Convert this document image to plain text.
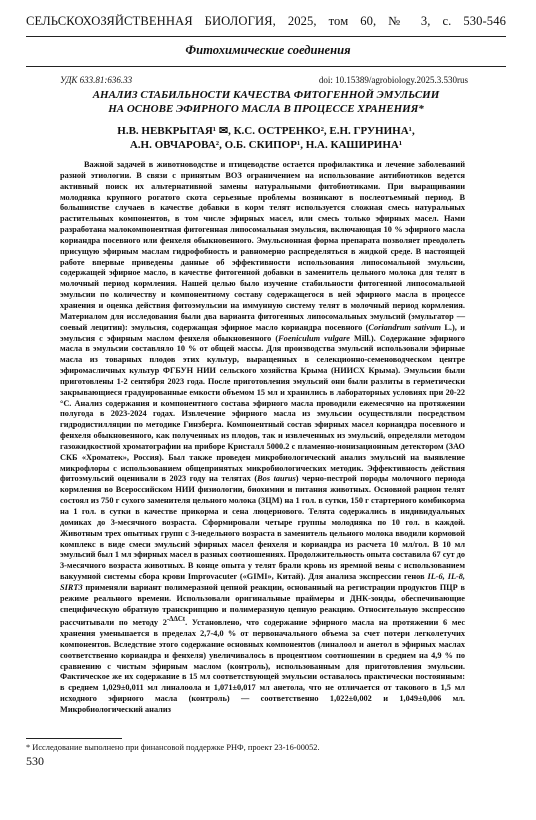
СЕЛЬСКОХОЗЯЙСТВЕННАЯ БИОЛОГИЯ, 2025, том 60, № 3, с. 530-546
Фитохимические соединения
УДК 633.81:636.33	doi: 10.15389/agrobiology.2025.3.530rus
АНАЛИЗ СТАБИЛЬНОСТИ КАЧЕСТВА ФИТОГЕННОЙ ЭМУЛЬСИИ
НА ОСНОВЕ ЭФИРНОГО МАСЛА В ПРОЦЕССЕ ХРАНЕНИЯ*
Н.В. НЕВКРЫТАЯ¹ ✉, К.С. ОСТРЕНКО², Е.Н. ГРУНИНА¹,
А.Н. ОВЧАРОВА², О.Б. СКИПОР¹, Н.А. КАШИРИНА¹
Важной задачей в животноводстве и птицеводстве остается профилактика и лечение заболеваний разной этиологии. В связи с принятым ВОЗ ограничением на использование антибиотиков ведется активный поиск их альтернативной замены натуральными фитобиотиками. При выращивании молодняка крупного рогатого скота серьезные проблемы возникают в послеотъемный период. В большинстве случаев в качестве добавки в корм телят используется сложная смесь натуральных растительных компонентов, в том числе эфирных масел, или смесь только эфирных масел. Нами разработана малокомпонентная фитогенная липосомальная эмульсия, включающая 10 % эфирного масла кориандра посевного или фенхеля обыкновенного. Эмульсионная форма препарата позволяет преодолеть присущую эфирным маслам гидрофобность и равномерно распределяться в жидкой среде. В настоящей работе впервые приведены данные об эффективности использования липосомальной эмульсии, содержащей эфирное масло, в качестве фитогенной добавки в заменитель цельного молока для телят в молочный период кормления. Нашей целью было изучение стабильности фитогенной липосомальной эмульсии по количеству и компонентному составу содержащегося в ней эфирного масла в процессе хранения и оценка действия фитоэмульсии на иммунную систему телят в молочный период кормления. Материалом для исследования были два варианта фитогенных липосомальных эмульсий (эмульгатор — соевый лецитин): эмульсия, содержащая эфирное масло кориандра посевного (Coriandrum sativum L.), и эмульсия с эфирным маслом фенхеля обыкновенного (Foeniculum vulgare Mill.). Содержание эфирного масла в эмульсии составляло 10 % от общей массы. Для производства эмульсий использовали эфирные масла из товарных плодов этих культур, выращенных в селекционно-семеноводческом центре эфиромасличных культур ФГБУН НИИ сельского хозяйства Крыма (НИИСХ Крыма). Эмульсии были приготовлены 1-2 сентября 2023 года. После приготовления эмульсий они были разлиты в герметически закрывающиеся градуированные емкости объемом 15 мл и хранились в лабораторных условиях при 20-22 °С. Анализ содержания и компонентного состава эфирного масла проводили ежемесячно на протяжении полугода в 2023-2024 годах. Извлечение эфирного масла из эмульсии осуществляли посредством гидродистилляции по методике Гинзберга. Компонентный состав эфирных масел кориандра посевного и фенхеля обыкновенного, как полученных из плодов, так и извлеченных из эмульсий, определяли методом газожидкостной хроматографии на приборе Кристалл 5000.2 с пламенно-ионизационным детектором (ЗАО СКБ «Хроматек», Россия). Был также проведен микробиологический анализ эмульсий на выявление микрофлоры с использованием общепринятых микробиологических методик. Эффективность действия фитоэмульсий оценивали в 2023 году на телятах (Bos taurus) черно-пестрой породы молочного периода кормления во Всероссийском НИИ физиологии, биохимии и питания животных. Основной рацион телят состоял из 750 г сухого заменителя цельного молока (ЗЦМ) на 1 гол. в сутки, 150 г стартерного комбикорма на 1 гол. в сутки в качестве прикорма и сена люцернового. Телята содержались в индивидуальных домиках до 3-месячного возраста. Сформировали четыре группы молодняка по 10 гол. в каждой. Животным трех опытных групп с 3-недельного возраста в заменитель цельного молока вводили кормовой комплекс в виде смеси эмульсий эфирных масел фенхеля и кориандра из расчета 10 мл/гол. В 10 мл эмульсий был 1 мл эфирных масел в разных соотношениях. Продолжительность опыта составила 67 сут до 3-месячного возраста животных. В конце опыта у телят брали кровь из яремной вены с использованием вакуумной системы сбора крови Improvacuter («GIMI», Китай). Для анализа экспрессии генов IL-6, IL-8, SIRT3 применяли вариант полимеразной цепной реакции, основанный на регистрации продуктов ПЦР в режиме реального времени. Использовали оригинальные праймеры и ДНК-зонды, обеспечивающие специфическую обратную транскрипцию и полимеразную цепную реакцию. Относительную экспрессию рассчитывали по методу $2^{-\Delta\Delta Ct}$. Установлено, что содержание эфирного масла на протяжении 6 мес хранения уменьшается в пределах 2,7-4,0 % от первоначального объема за счет потери легколетучих компонентов. Вследствие этого содержание основных компонентов (линалоол и анетол в эфирных маслах соответственно кориандра и фенхеля) увеличивалось в процентном соотношении в среднем на 4,9 % по сравнению с чистым эфирным маслом (контроль), использованным для приготовления эмульсии. Фактическое же их содержание в 15 мл соответствующей эмульсии оставалось практически постоянным: в среднем 1,029±0,011 мл линалоола и 1,071±0,017 мл анетола, что не отличается от такового в 1,5 мл исходного эфирного масла (контроль) — соответственно 1,022±0,002 и 1,049±0,006 мл. Микробиологический анализ
* Исследование выполнено при финансовой поддержке РНФ, проект 23-16-00052.
530
